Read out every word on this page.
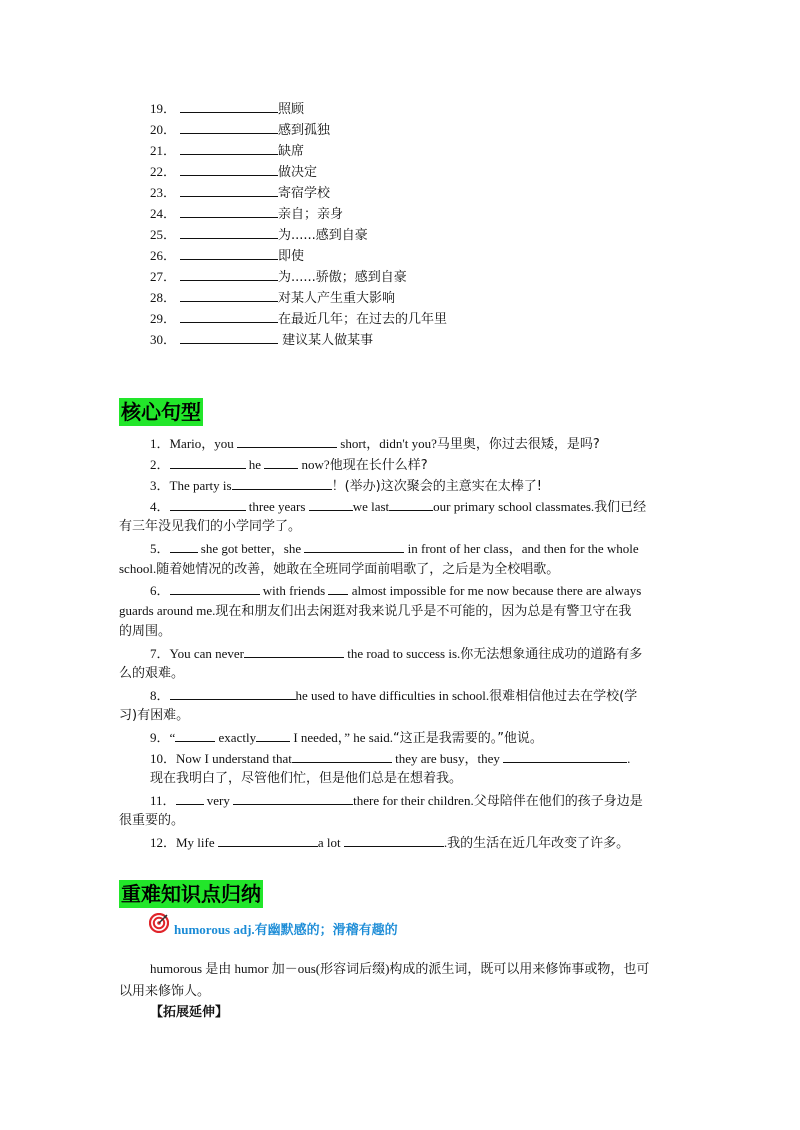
19．	照顾
20．	感到孤独
21．	缺席
22．	做决定
23．	寄宿学校
24．	亲自；亲身
25．	为......感到自豪
26．	即使
27．	为......骄傲；感到自豪
28．	对某人产生重大影响
29．	在最近几年；在过去的几年里
30．	建议某人做某事
核心句型
1．Mario，you	short，didn't you?马里奥，你过去很矮，是吗?
2．	he	now?他现在长什么样?
3．The party is	！(举办)这次聚会的主意实在太棒了!
4．	three years	we last	our primary school classmates.我们已经
有三年没见我们的小学同学了。
5． she got better，she	in front of her class，and then for the whole
school.随着她情况的改善，她敢在全班同学面前唱歌了，之后是为全校唱歌。
6．	with friends  almost impossible for me now because there are always
guards around me.现在和朋友们出去闲逛对我来说几乎是不可能的，因为总是有警卫守在我
的周围。
7．You can never	the road to success is.你无法想象通往成功的道路有多
么的艰难。
8．	he used to have difficulties in school.很难相信他过去在学校(学
习)有困难。
9．“	exactly	I needed，” he said.“这正是我需要的。”他说。
10．Now I understand that	they are busy，they	.
现在我明白了，尽管他们忙，但是他们总是在想着我。
11． very	there for their children.父母陪伴在他们的孩子身边是
很重要的。
12．My life	a lot	.我的生活在近几年改变了许多。
重难知识点归纳
humorous adj.有幽默感的；滑稽有趣的
humorous 是由 humor 加－ous(形容词后缀)构成的派生词，既可以用来修饰事或物，也可
以用来修饰人。
【拓展延伸】
